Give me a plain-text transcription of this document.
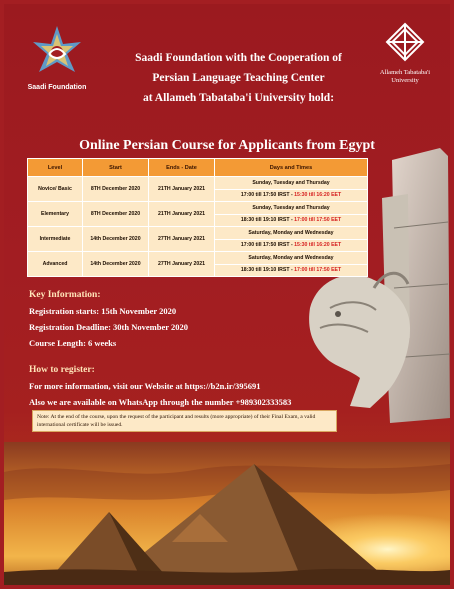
Saadi Foundation
Saadi Foundation with the Cooperation of
Persian Language Teaching Center
at Allameh Tabataba'i University hold:
Allameh Tabataba'i
University
Online Persian Course for Applicants from Egypt
Level	Start	Ends - Date	Days and Times
Novice/ Basic	8TH December 2020	21TH January 2021	Sunday, Tuesday and Thursday
17:00 till 17:50 IRST - 15:30 till 16:20 EET
Elementary	8TH December 2020	21TH January 2021	Sunday, Tuesday and Thursday
18:30 till 19:10 IRST - 17:00 till 17:50 EET
Intermediate	14th December 2020	27TH January 2021	Saturday, Monday and Wednesday
17:00 till 17:50 IRST - 15:30 till 16:20 EET
Advanced	14th December 2020	27TH January 2021	Saturday, Monday and Wednesday
18:30 till 19:10 IRST - 17:00 till 17:50 EET
Key Information:
Registration starts: 15th November 2020
Registration Deadline: 30th November 2020
Course Length: 6 weeks
How to register:
For more information, visit our Website at https://b2n.ir/395691
Also we are available on WhatsApp through the number +989302333583
Note: At the end of the course, upon the request of the participant and results (more appropriate) of their Final Exam, a valid international certificate will be issued.
